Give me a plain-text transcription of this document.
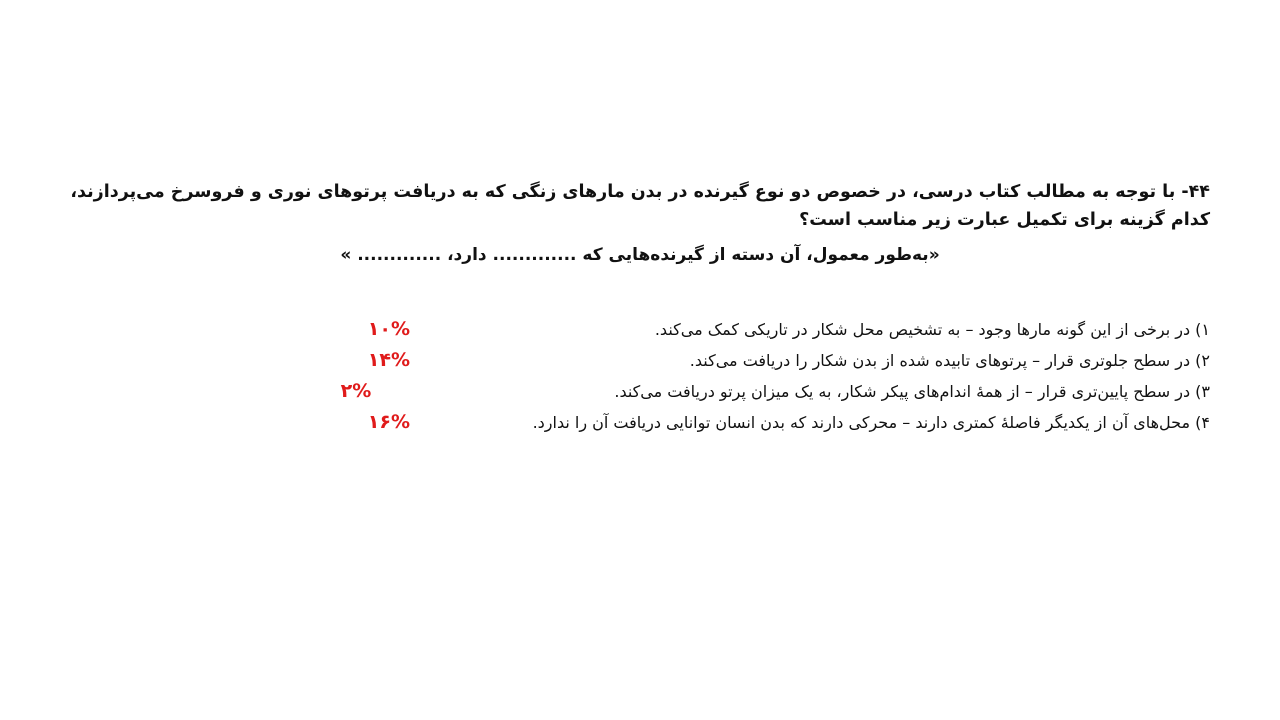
۴۴- با توجه به مطالب کتاب درسی، در خصوص دو نوع گیرنده در بدن مارهای زنگی که به دریافت پرتوهای نوری و فروسرخ می‌پردازند، کدام گزینه برای تکمیل عبارت زیر مناسب است؟
«به‌طور معمول، آن دسته از گیرنده‌هایی که ............. دارد، ............. »
۱) در برخی از این گونه مارها وجود – به تشخیص محل شکار در تاریکی کمک می‌کند.
۱۰%
۲) در سطح جلوتری قرار – پرتوهای تابیده شده از بدن شکار را دریافت می‌کند.
۱۴%
۳) در سطح پایین‌تری قرار – از همهٔ اندام‌های پیکر شکار، به یک میزان پرتو دریافت می‌کند.
۲%
۴) محل‌های آن از یکدیگر فاصلهٔ کمتری دارند – محرکی دارند که بدن انسان توانایی دریافت آن را ندارد.
۱۶%
